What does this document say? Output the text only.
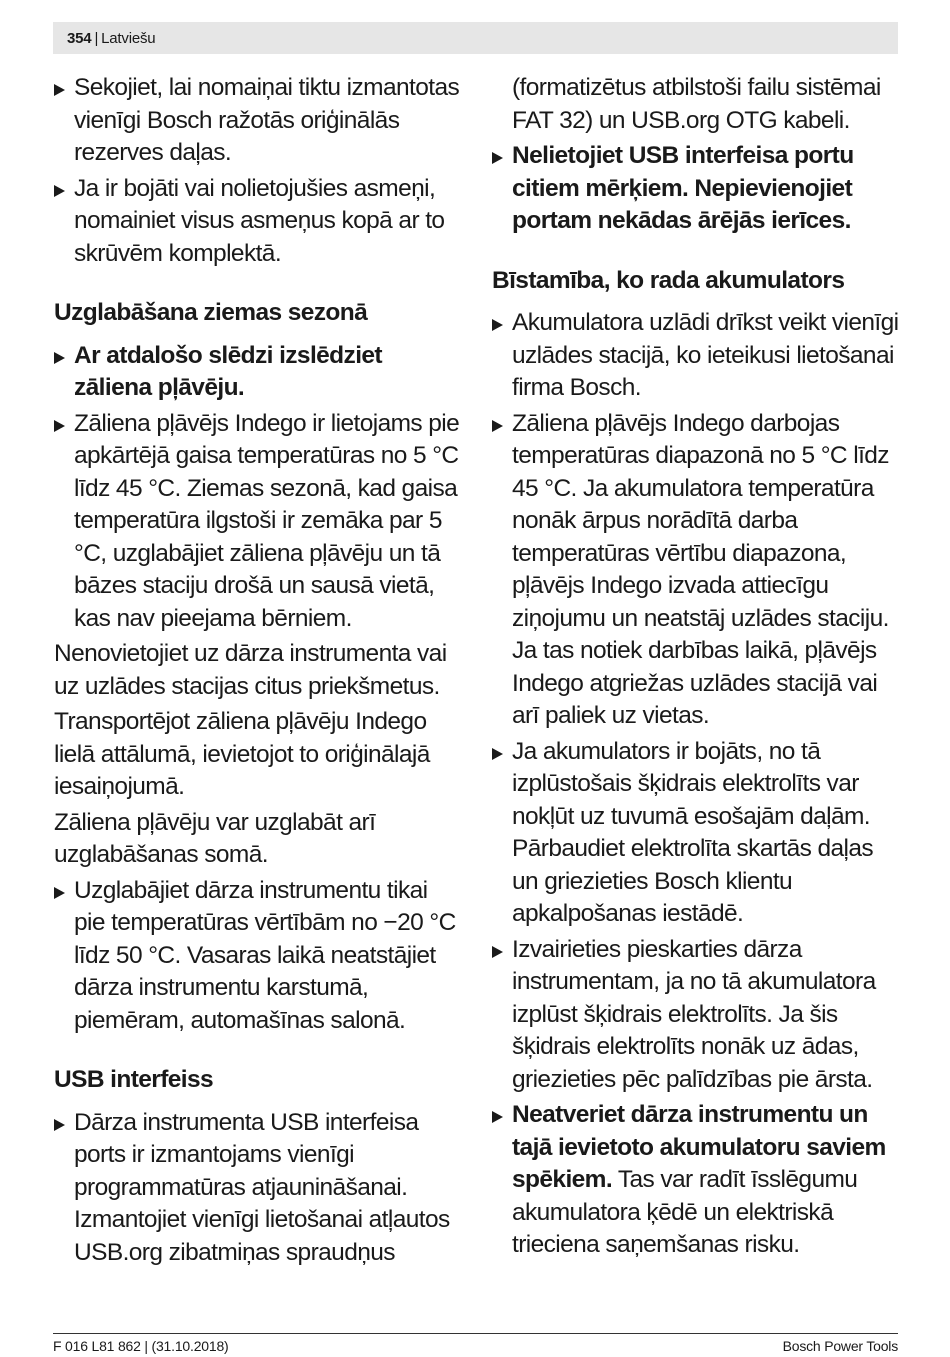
354 | Latviešu
Sekojiet, lai nomaiņai tiktu izmantotas vienīgi Bosch ražotās oriģinālās rezerves daļas.
Ja ir bojāti vai nolietojušies asmeņi, nomainiet visus asmeņus kopā ar to skrūvēm komplektā.
Uzglabāšana ziemas sezonā
Ar atdalošo slēdzi izslēdziet zāliena pļāvēju.
Zāliena pļāvējs Indego ir lietojams pie apkārtējā gaisa temperatūras no 5 °C līdz 45 °C. Ziemas sezonā, kad gaisa temperatūra ilgstoši ir zemāka par 5 °C, uzglabājiet zāliena pļāvēju un tā bāzes staciju drošā un sausā vietā, kas nav pieejama bērniem.
Nenovietojiet uz dārza instrumenta vai uz uzlādes stacijas citus priekšmetus.
Transportējot zāliena pļāvēju Indego lielā attālumā, ievietojot to oriģinālajā iesaiņojumā.
Zāliena pļāvēju var uzglabāt arī uzglabāšanas somā.
Uzglabājiet dārza instrumentu tikai pie temperatūras vērtībām no −20 °C līdz 50 °C. Vasaras laikā neatstājiet dārza instrumentu karstumā, piemēram, automašīnas salonā.
USB interfeiss
Dārza instrumenta USB interfeisa ports ir izmantojams vienīgi programmatūras atjaunināšanai. Izmantojiet vienīgi lietošanai atļautos USB.org zibatmiņas spraudņus
(formatizētus atbilstoši failu sistēmai FAT 32) un USB.org OTG kabeli.
Nelietojiet USB interfeisa portu citiem mērķiem. Nepievienojiet portam nekādas ārējās ierīces.
Bīstamība, ko rada akumulators
Akumulatora uzlādi drīkst veikt vienīgi uzlādes stacijā, ko ieteikusi lietošanai firma Bosch.
Zāliena pļāvējs Indego darbojas temperatūras diapazonā no 5 °C līdz 45 °C. Ja akumulatora temperatūra nonāk ārpus norādītā darba temperatūras vērtību diapazona, pļāvējs Indego izvada attiecīgu ziņojumu un neatstāj uzlādes staciju. Ja tas notiek darbības laikā, pļāvējs Indego atgriežas uzlādes stacijā vai arī paliek uz vietas.
Ja akumulators ir bojāts, no tā izplūstošais šķidrais elektrolīts var nokļūt uz tuvumā esošajām daļām. Pārbaudiet elektrolīta skartās daļas un griezieties Bosch klientu apkalpošanas iestādē.
Izvairieties pieskarties dārza instrumentam, ja no tā akumulatora izplūst šķidrais elektrolīts. Ja šis šķidrais elektrolīts nonāk uz ādas, griezieties pēc palīdzības pie ārsta.
Neatveriet dārza instrumentu un tajā ievietoto akumulatoru saviem spēkiem. Tas var radīt īsslēgumu akumulatora ķēdē un elektriskā trieciena saņemšanas risku.
F 016 L81 862 | (31.10.2018)	Bosch Power Tools
